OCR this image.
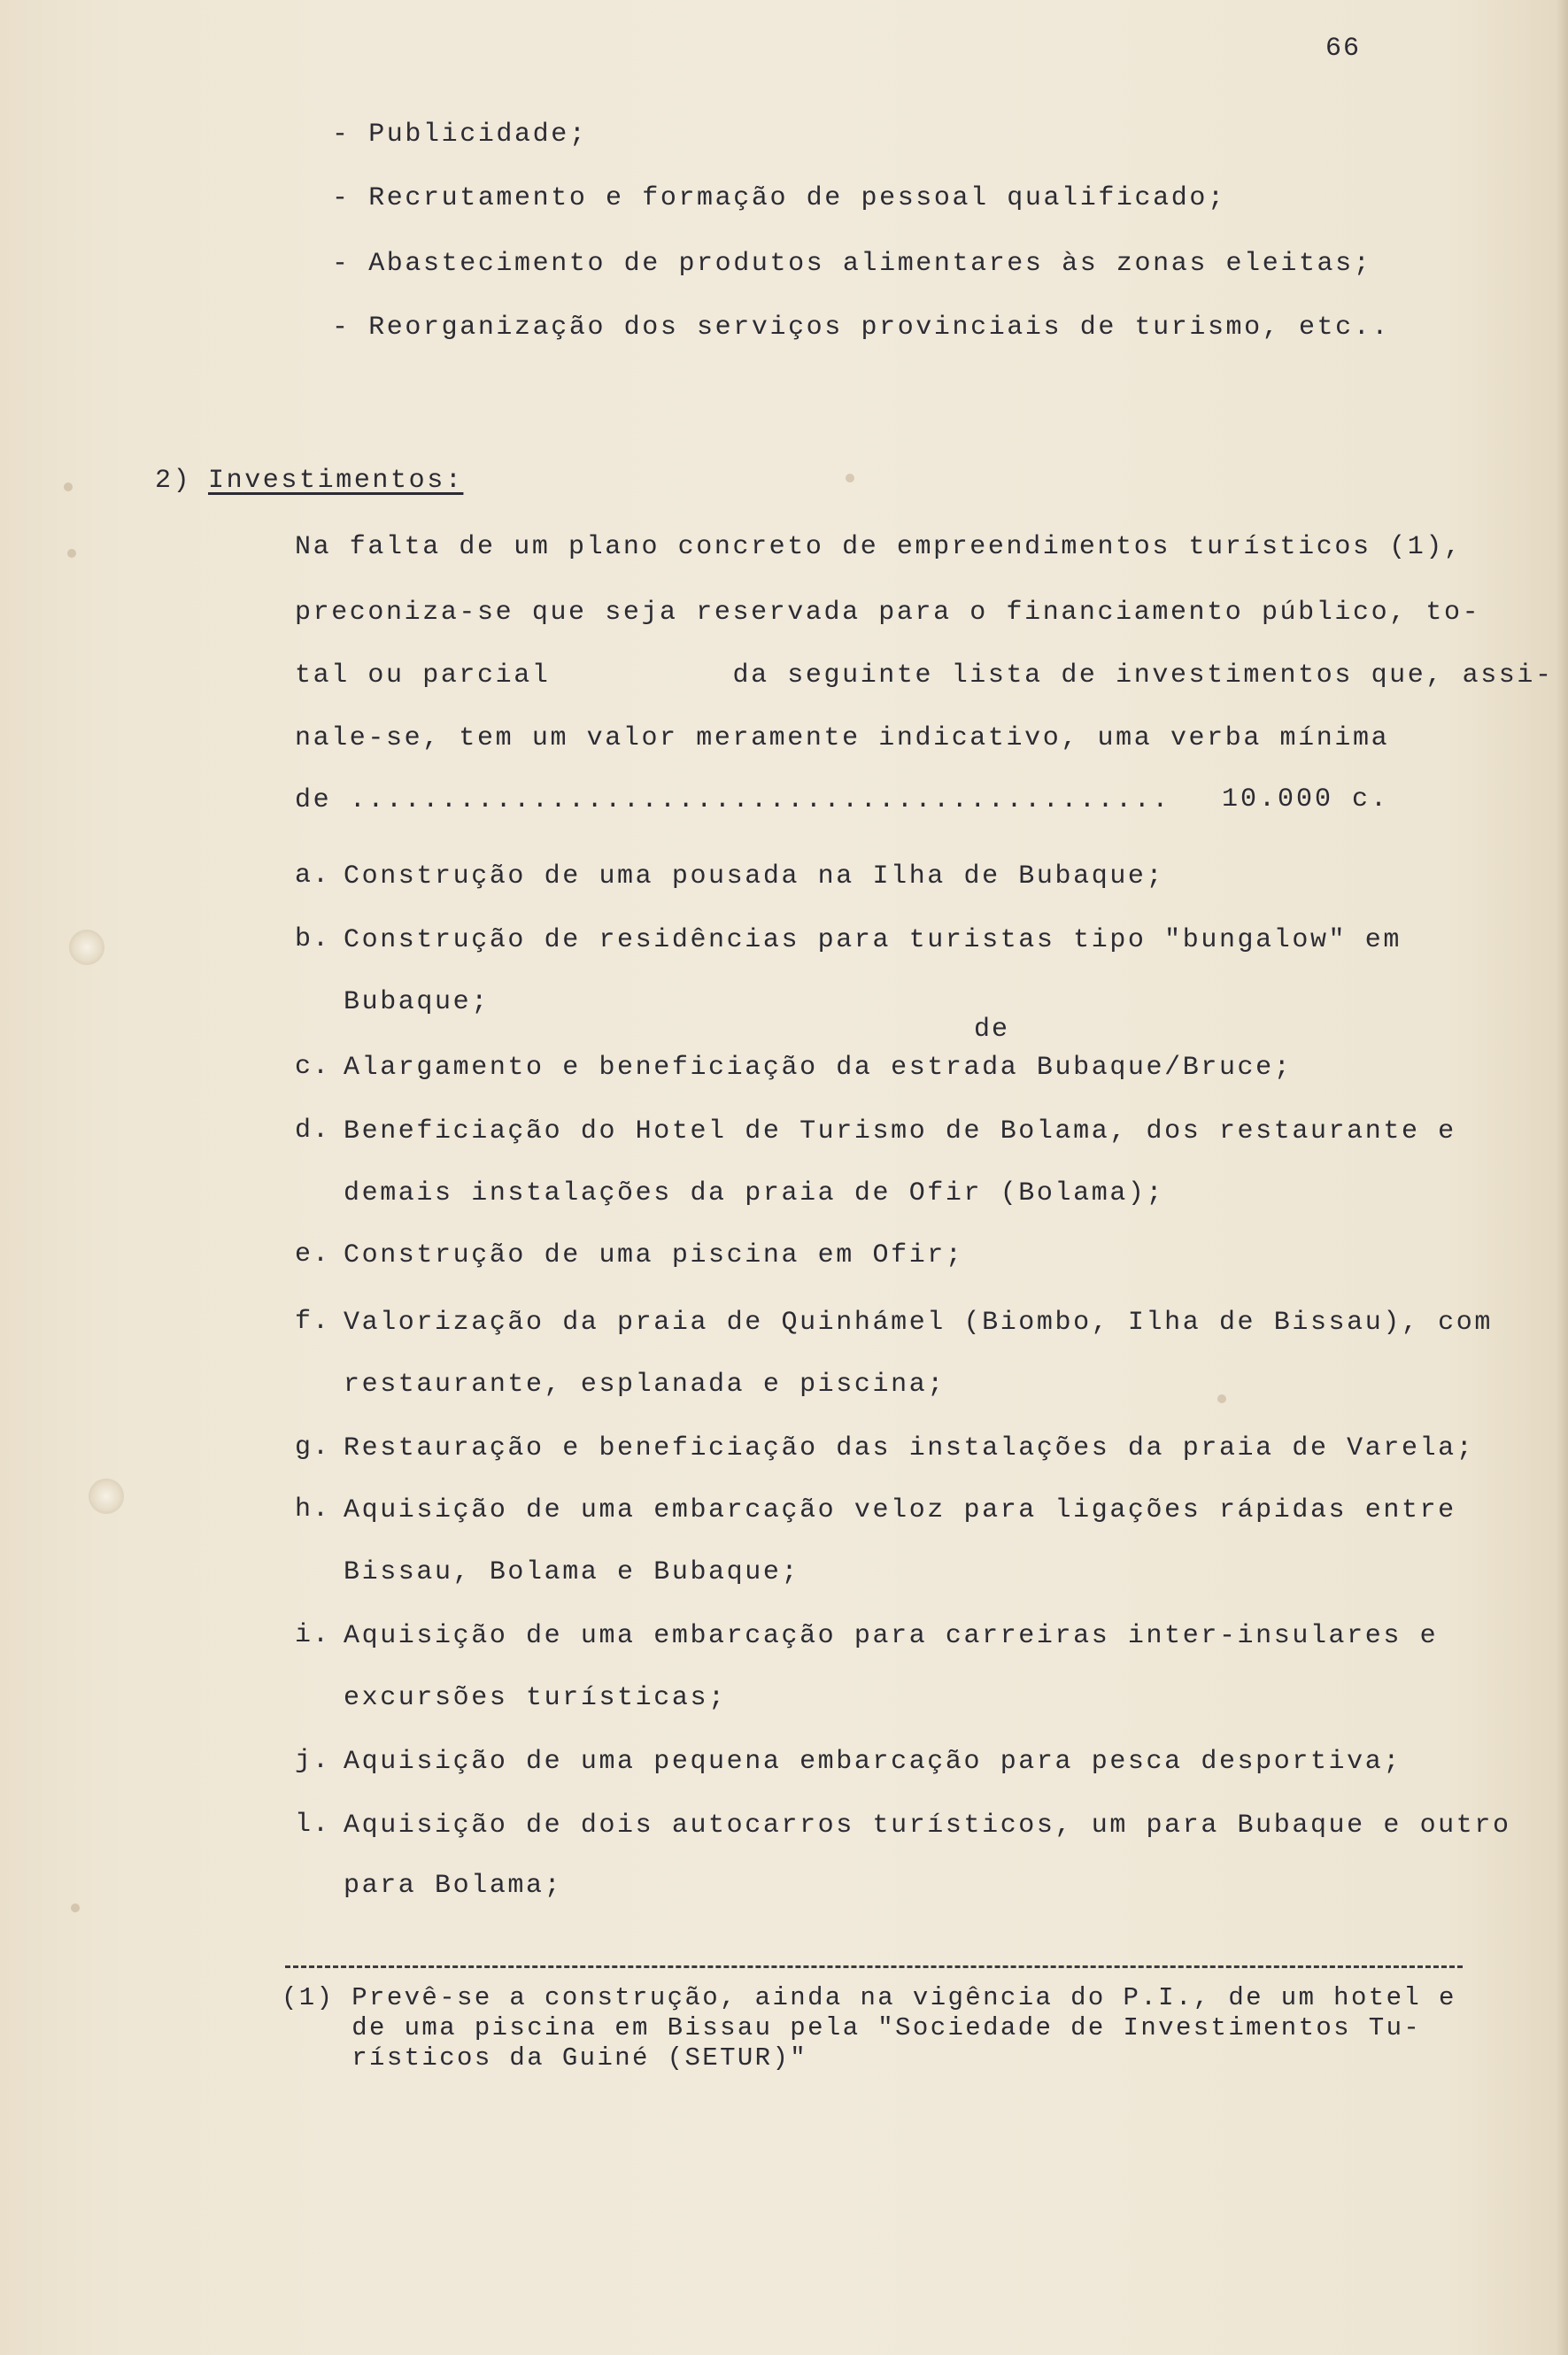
66
- Publicidade;
- Recrutamento e formação de pessoal qualificado;
- Abastecimento de produtos alimentares às zonas eleitas;
- Reorganização dos serviços provinciais de turismo, etc..
2) Investimentos:
Na falta de um plano concreto de empreendimentos turísticos (1),
preconiza-se que seja reservada para o financiamento público, to-
tal ou parcial          da seguinte lista de investimentos que, assi-
nale-se, tem um valor meramente indicativo, uma verba mínima
de ............................................. 10.000 c.
a. Construção de uma pousada na Ilha de Bubaque;
b. Construção de residências para turistas tipo "bungalow" em
Bubaque;
de
c. Alargamento e beneficiação da estrada Bubaque/Bruce;
d. Beneficiação do Hotel de Turismo de Bolama, dos restaurante e
demais instalações da praia de Ofir (Bolama);
e. Construção de uma piscina em Ofir;
f. Valorização da praia de Quinhámel (Biombo, Ilha de Bissau), com
restaurante, esplanada e piscina;
g. Restauração e beneficiação das instalações da praia de Varela;
h. Aquisição de uma embarcação veloz para ligações rápidas entre
Bissau, Bolama e Bubaque;
i. Aquisição de uma embarcação para carreiras inter-insulares e
excursões turísticas;
j. Aquisição de uma pequena embarcação para pesca desportiva;
l. Aquisição de dois autocarros turísticos, um para Bubaque e outro
para Bolama;
(1) Prevê-se a construção, ainda na vigência do P.I., de um hotel e
de uma piscina em Bissau pela "Sociedade de Investimentos Tu-
rísticos da Guiné (SETUR)"
